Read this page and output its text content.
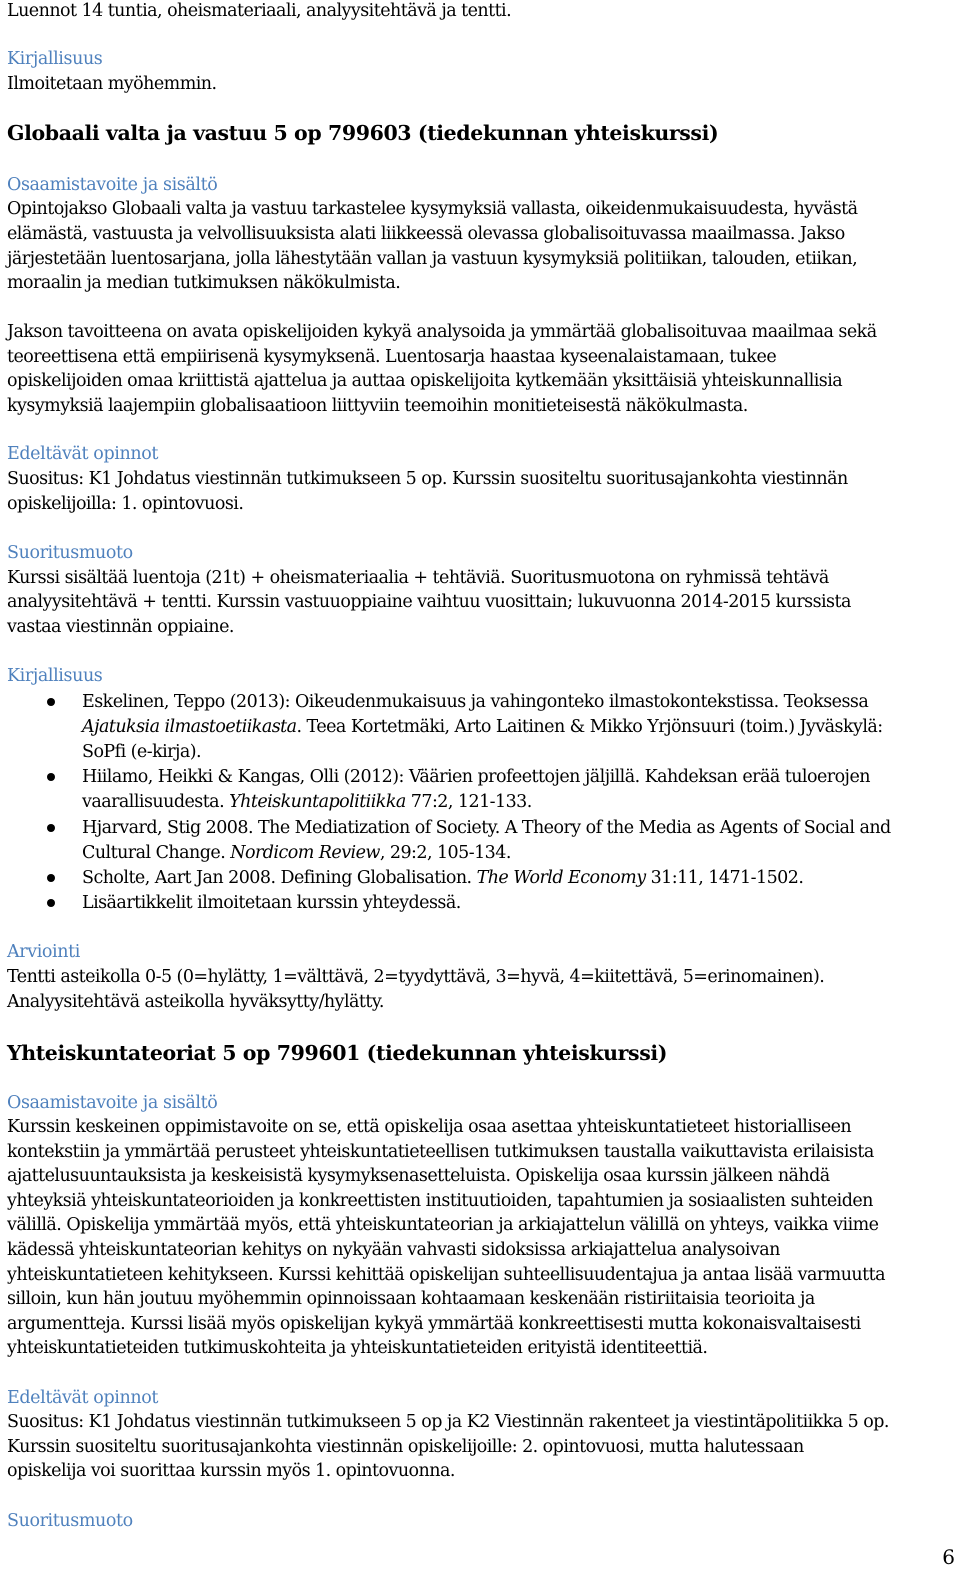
Luennot 14 tuntia, oheismateriaali, analyysitehtävä ja tentti.
Kirjallisuus
Ilmoitetaan myöhemmin.
Globaali valta ja vastuu 5 op 799603 (tiedekunnan yhteiskurssi)
Osaamistavoite ja sisältö
Opintojakso Globaali valta ja vastuu tarkastelee kysymyksiä vallasta, oikeidenmukaisuudesta, hyvästä
elämästä, vastuusta ja velvollisuuksista alati liikkeessä olevassa globalisoituvassa maailmassa. Jakso
järjestetään luentosarjana, jolla lähestytään vallan ja vastuun kysymyksiä politiikan, talouden, etiikan,
moraalin ja median tutkimuksen näkökulmista.
Jakson tavoitteena on avata opiskelijoiden kykyä analysoida ja ymmärtää globalisoituvaa maailmaa sekä
teoreettisena että empiirisenä kysymyksenä. Luentosarja haastaa kyseenalaistamaan, tukee
opiskelijoiden omaa kriittistä ajattelua ja auttaa opiskelijoita kytkemään yksittäisiä yhteiskunnallisia
kysymyksiä laajempiin globalisaatioon liittyviin teemoihin monitieteisestä näkökulmasta.
Edeltävät opinnot
Suositus: K1 Johdatus viestinnän tutkimukseen 5 op. Kurssin suositeltu suoritusajankohta viestinnän
opiskelijoilla: 1. opintovuosi.
Suoritusmuoto
Kurssi sisältää luentoja (21t) + oheismateriaalia + tehtäviä. Suoritusmuotona on ryhmissä tehtävä
analyysitehtävä + tentti. Kurssin vastuuoppiaine vaihtuu vuosittain; lukuvuonna 2014-2015 kurssista
vastaa viestinnän oppiaine.
Kirjallisuus
Eskelinen, Teppo (2013): Oikeudenmukaisuus ja vahingonteko ilmastokontekstissa. Teoksessa
Ajatuksia ilmastoetiikasta. Teea Kortetmäki, Arto Laitinen & Mikko Yrjönsuuri (toim.) Jyväskylä:
SoPfi (e-kirja).
Hiilamo, Heikki & Kangas, Olli (2012): Väärien profeettojen jäljillä. Kahdeksan erää tuloerojen
vaarallisuudesta. Yhteiskuntapolitiikka 77:2, 121-133.
Hjarvard, Stig 2008. The Mediatization of Society. A Theory of the Media as Agents of Social and
Cultural Change. Nordicom Review, 29:2, 105-134.
Scholte, Aart Jan 2008. Defining Globalisation. The World Economy 31:11, 1471-1502.
Lisäartikkelit ilmoitetaan kurssin yhteydessä.
Arviointi
Tentti asteikolla 0-5 (0=hylätty, 1=välttävä, 2=tyydyttävä, 3=hyvä, 4=kiitettävä, 5=erinomainen).
Analyysitehtävä asteikolla hyväksytty/hylätty.
Yhteiskuntateoriat 5 op 799601 (tiedekunnan yhteiskurssi)
Osaamistavoite ja sisältö
Kurssin keskeinen oppimistavoite on se, että opiskelija osaa asettaa yhteiskuntatieteet historialliseen
kontekstiin ja ymmärtää perusteet yhteiskuntatieteellisen tutkimuksen taustalla vaikuttavista erilaisista
ajattelusuuntauksista ja keskeisistä kysymyksenasetteluista. Opiskelija osaa kurssin jälkeen nähdä
yhteyksiä yhteiskuntateorioiden ja konkreettisten instituutioiden, tapahtumien ja sosiaalisten suhteiden
välillä. Opiskelija ymmärtää myös, että yhteiskuntateorian ja arkiajattelun välillä on yhteys, vaikka viime
kädessä yhteiskuntateorian kehitys on nykyään vahvasti sidoksissa arkiajattelua analysoivan
yhteiskuntatieteen kehitykseen. Kurssi kehittää opiskelijan suhteellisuudentajua ja antaa lisää varmuutta
silloin, kun hän joutuu myöhemmin opinnoissaan kohtaamaan keskenään ristiriitaisia teorioita ja
argumentteja. Kurssi lisää myös opiskelijan kykyä ymmärtää konkreettisesti mutta kokonaisvaltaisesti
yhteiskuntatieteiden tutkimuskohteita ja yhteiskuntatieteiden erityistä identiteettiä.
Edeltävät opinnot
Suositus: K1 Johdatus viestinnän tutkimukseen 5 op ja K2 Viestinnän rakenteet ja viestintäpolitiikka 5 op.
Kurssin suositeltu suoritusajankohta viestinnän opiskelijoille: 2. opintovuosi, mutta halutessaan
opiskelija voi suorittaa kurssin myös 1. opintovuonna.
Suoritusmuoto
6
